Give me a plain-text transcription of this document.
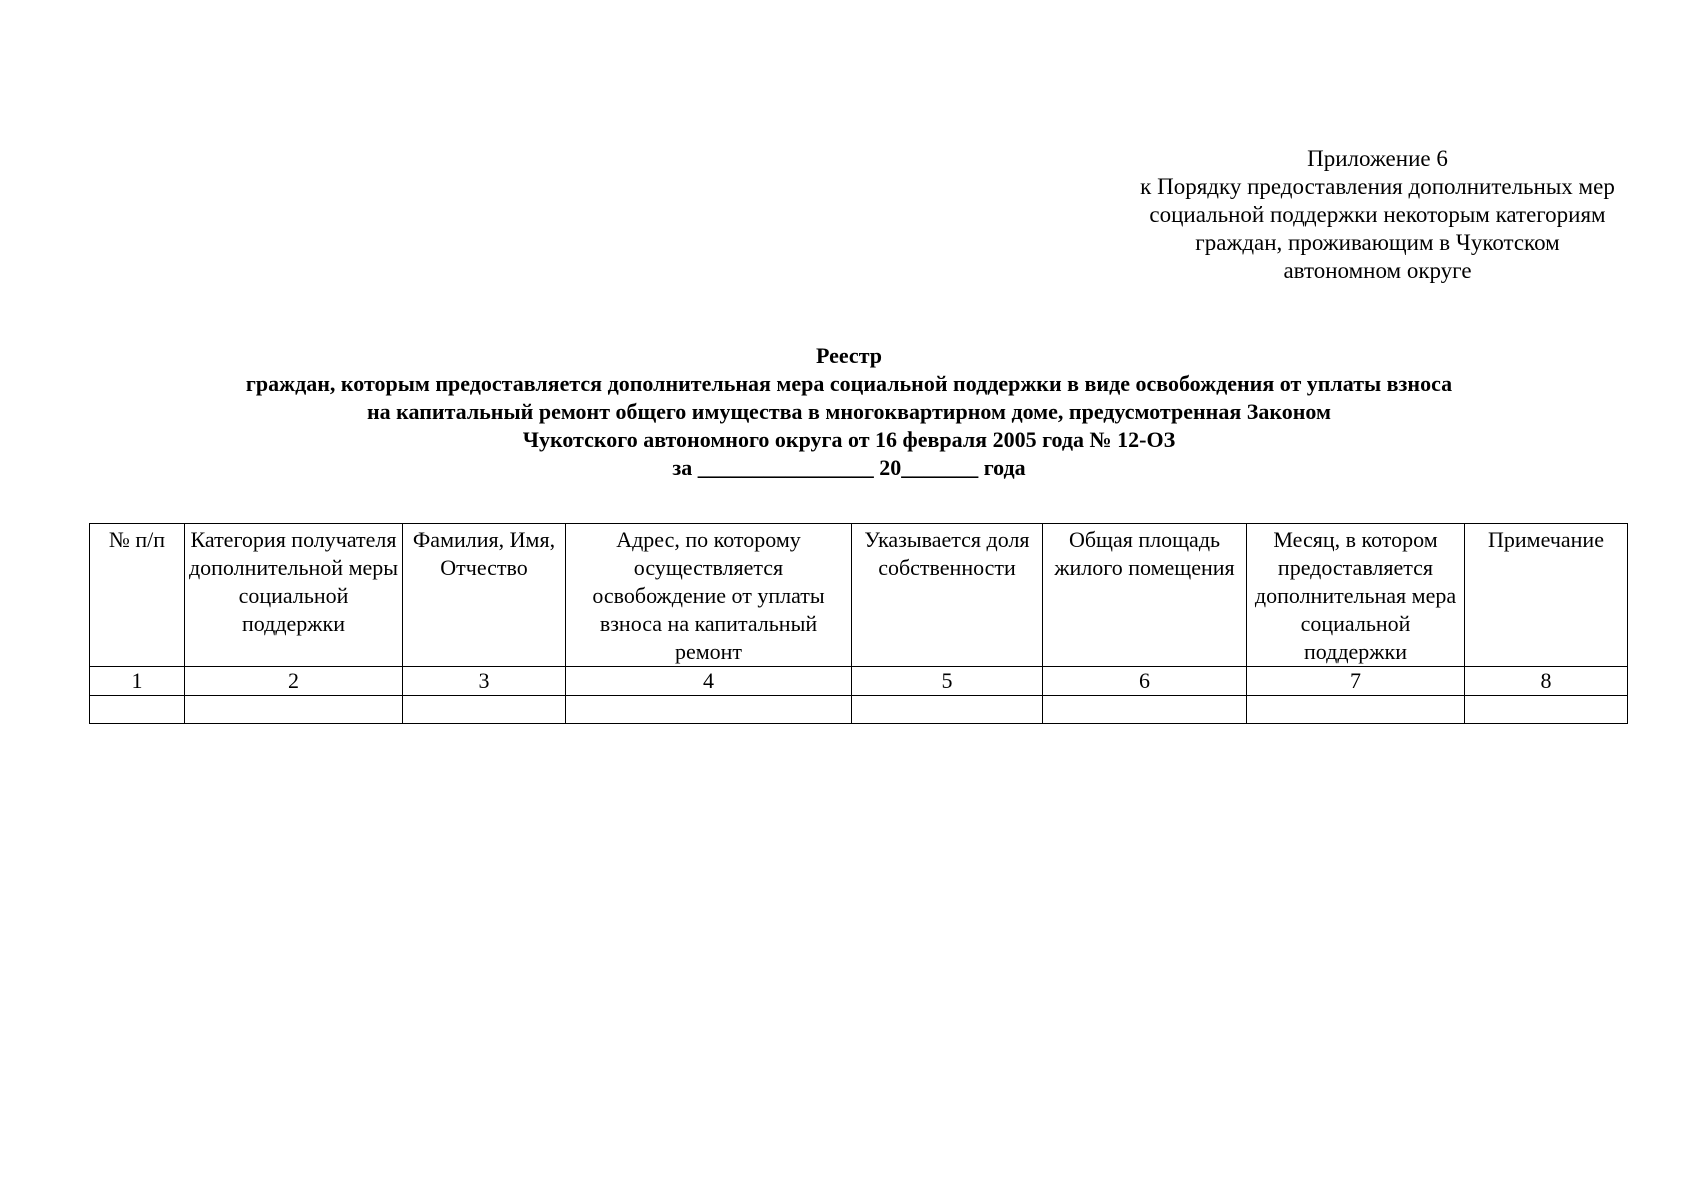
Приложение 6
к Порядку предоставления дополнительных мер
социальной поддержки некоторым категориям
граждан, проживающим в Чукотском
автономном округе
Реестр
граждан, которым предоставляется дополнительная мера социальной поддержки в виде освобождения от уплаты взноса
на капитальный ремонт общего имущества в многоквартирном доме, предусмотренная Законом
Чукотского автономного округа от 16 февраля 2005 года № 12-ОЗ
за ________________ 20_______ года
№ п/п	Категория получателя дополнительной меры социальной поддержки	Фамилия, Имя, Отчество	Адрес, по которому осуществляется освобождение от уплаты взноса на капитальный ремонт	Указывается доля собственности	Общая площадь жилого помещения	Месяц, в котором предоставляется дополнительная мера социальной поддержки	Примечание
1	2	3	4	5	6	7	8
